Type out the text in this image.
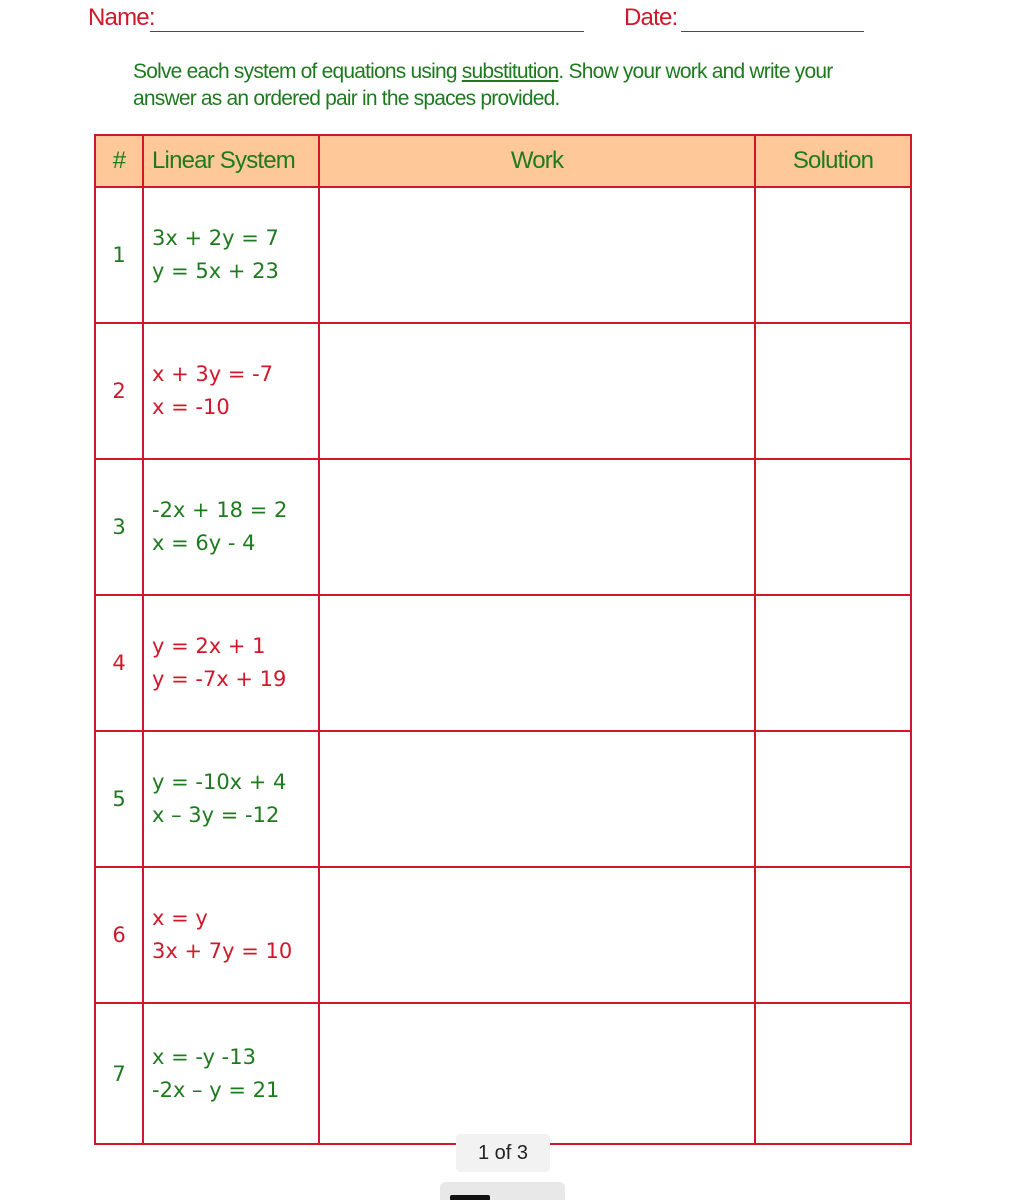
Name:	Date:
Solve each system of equations using substitution. Show your work and write your answer as an ordered pair in the spaces provided.
#	Linear System	Work	Solution
1	3x + 2y = 7
y = 5x + 23		

2	x + 3y = -7
x = -10		

3	-2x + 18 = 2
x = 6y - 4		

4	y = 2x + 1
y = -7x + 19		

5	y = -10x + 4
x – 3y = -12		

6	x = y
3x + 7y = 10		

7	x = -y -13
-2x – y = 21		

1 of 3
